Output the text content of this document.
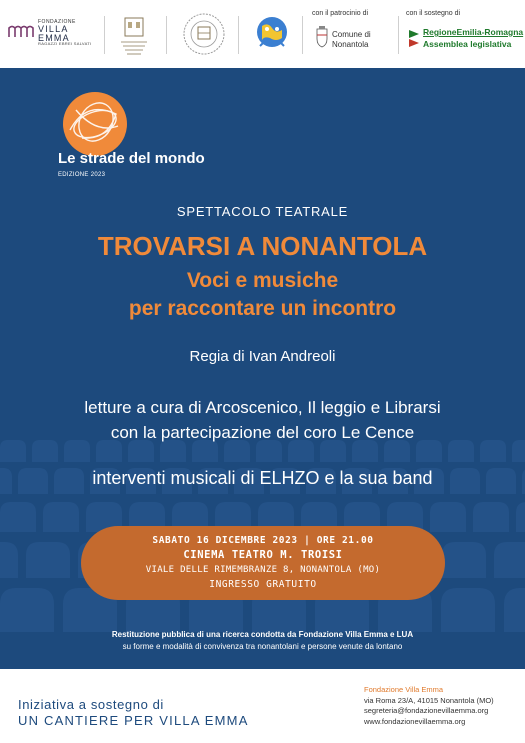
FONDAZIONE
VILLA
EMMA
RAGAZZI EBREI SALVATI
con il patrocinio di
Comune di
Nonantola
con il sostegno di
RegioneEmilia-Romagna
Assemblea legislativa
Le strade del mondo
EDIZIONE 2023
SPETTACOLO TEATRALE
TROVARSI A NONANTOLA
Voci e musiche
per raccontare un incontro
Regia di Ivan Andreoli
letture a cura di Arcoscenico, Il leggio e Librarsi
con la partecipazione del coro Le Cence
interventi musicali di ELHZO e la sua band
SABATO 16 DICEMBRE 2023 | ORE 21.00
CINEMA TEATRO M. TROISI
VIALE DELLE RIMEMBRANZE 8, NONANTOLA (MO)
INGRESSO GRATUITO
Restituzione pubblica di una ricerca condotta da Fondazione Villa Emma e LUA
su forme e modalità di convivenza tra nonantolani e persone venute da lontano
Iniziativa a sostegno di
UN CANTIERE PER VILLA EMMA
Fondazione Villa Emma
via Roma 23/A, 41015 Nonantola (MO)
segreteria@fondazionevillaemma.org
www.fondazionevillaemma.org
